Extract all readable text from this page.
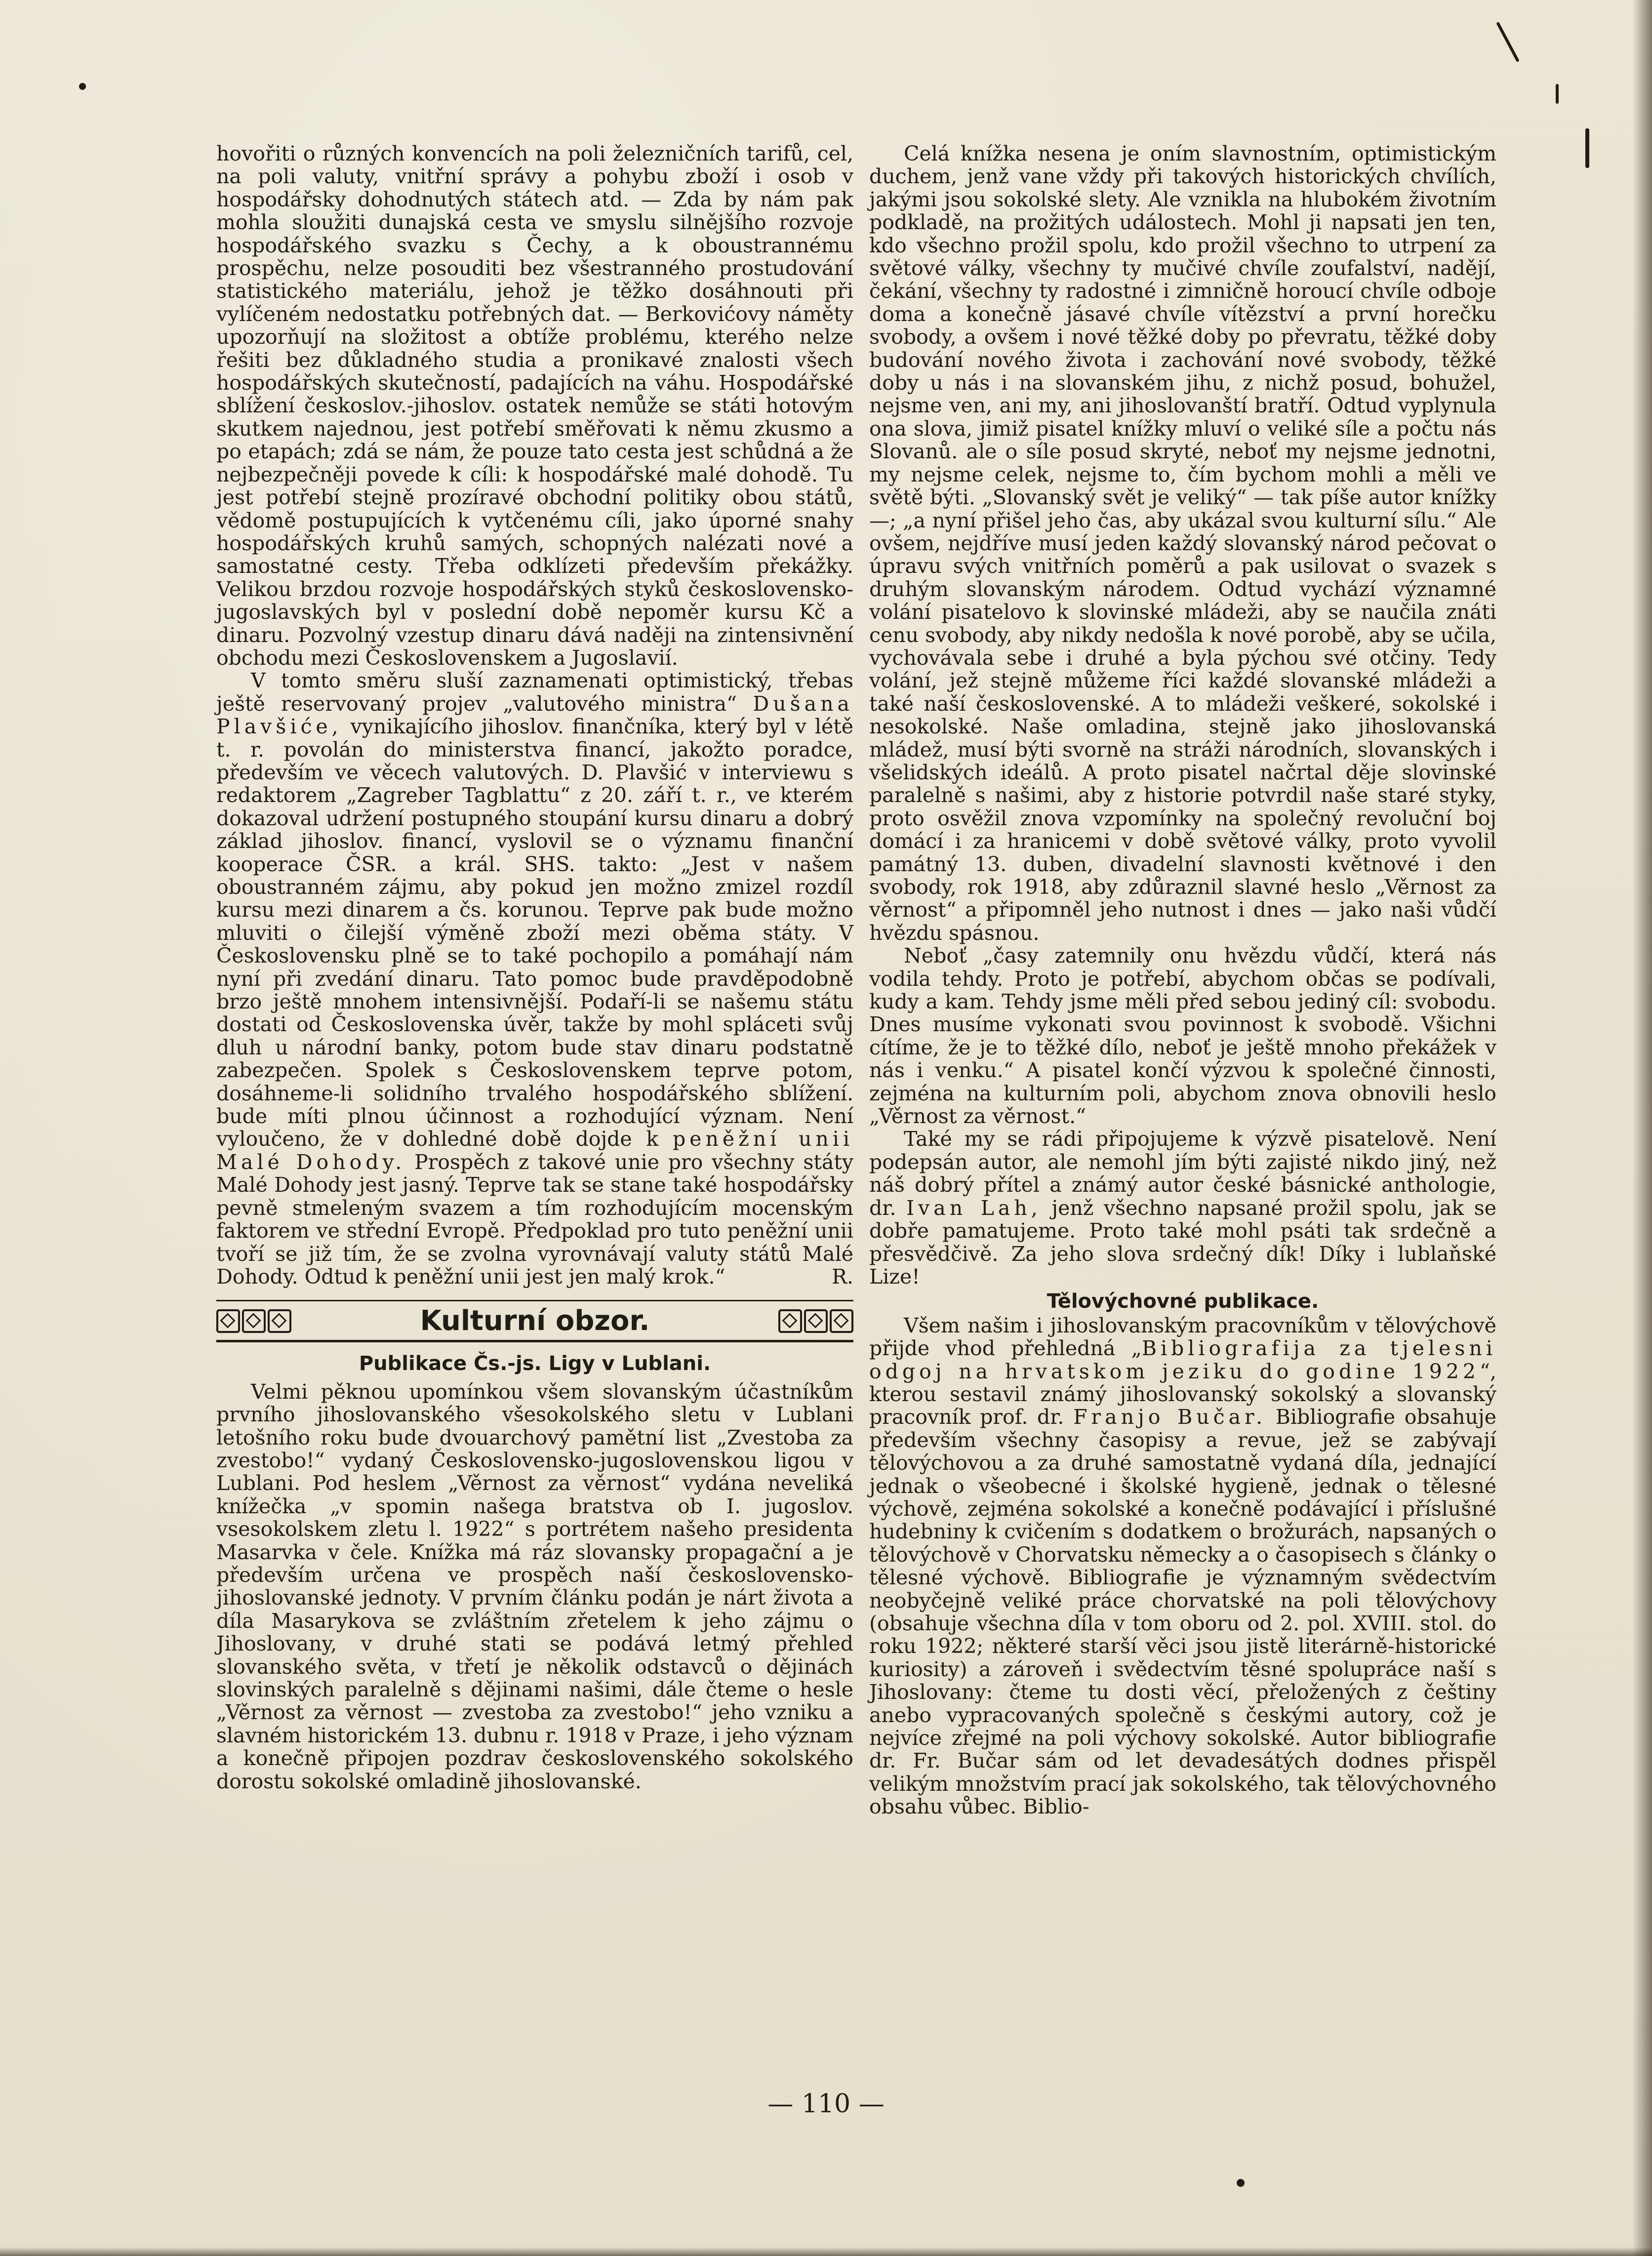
hovořiti o různých konvencích na poli železničních tarifů, cel, na poli valuty, vnitřní správy a pohybu zboží i osob v hospodářsky dohodnutých státech atd. — Zda by nám pak mohla sloužiti dunajská cesta ve smyslu silnějšího rozvoje hospodářského svazku s Čechy, a k oboustrannému prospěchu, nelze posouditi bez všestranného prostudování statistického materiálu, jehož je těžko dosáhnouti při vylíčeném nedostatku potřebných dat. — Berkovićovy náměty upozorňují na složitost a obtíže problému, kterého nelze řešiti bez důkladného studia a pronikavé znalosti všech hospodářských skutečností, padajících na váhu. Hospodářské sblížení českoslov.-jihoslov. ostatek nemůže se státi hotovým skutkem najednou, jest potřebí směřovati k němu zkusmo a po etapách; zdá se nám, že pouze tato cesta jest schůdná a že nejbezpečněji povede k cíli: k hospodářské malé dohodě. Tu jest potřebí stejně prozíravé obchodní politiky obou států, vědomě postupujících k vytčenému cíli, jako úporné snahy hospodářských kruhů samých, schopných nalézati nové a samostatné cesty. Třeba odklízeti především překážky. Velikou brzdou rozvoje hospodářských styků československo-jugoslavských byl v poslední době nepoměr kursu Kč a dinaru. Pozvolný vzestup dinaru dává naději na zintensivnění obchodu mezi Československem a Jugoslavií.

V tomto směru sluší zaznamenati optimistický, třebas ještě reservovaný projev „valutového ministra“ Dušana Plavšiće, vynikajícího jihoslov. finančníka, který byl v létě t. r. povolán do ministerstva financí, jakožto poradce, především ve věcech valutových. D. Plavšić v interviewu s redaktorem „Zagreber Tagblattu“ z 20. září t. r., ve kterém dokazoval udržení postupného stoupání kursu dinaru a dobrý základ jihoslov. financí, vyslovil se o významu finanční kooperace ČSR. a král. SHS. takto: „Jest v našem oboustranném zájmu, aby pokud jen možno zmizel rozdíl kursu mezi dinarem a čs. korunou. Teprve pak bude možno mluviti o čilejší výměně zboží mezi oběma státy. V Československu plně se to také pochopilo a pomáhají nám nyní při zvedání dinaru. Tato pomoc bude pravděpodobně brzo ještě mnohem intensivnější. Podaří-li se našemu státu dostati od Československa úvěr, takže by mohl spláceti svůj dluh u národní banky, potom bude stav dinaru podstatně zabezpečen. Spolek s Československem teprve potom, dosáhneme-li solidního trvalého hospodářského sblížení. bude míti plnou účinnost a rozhodující význam. Není vyloučeno, že v dohledné době dojde k peněžní unii Malé Dohody. Prospěch z takové unie pro všechny státy Malé Dohody jest jasný. Teprve tak se stane také hospodářsky pevně stmeleným svazem a tím rozhodujícím mocenským faktorem ve střední Evropě. Předpoklad pro tuto peněžní unii tvoří se již tím, že se zvolna vyrovnávají valuty států Malé Dohody. Odtud k peněžní unii jest jen malý krok.“	R.

Kulturní obzor.
Publikace Čs.-js. Ligy v Lublani.

Velmi pěknou upomínkou všem slovanským účastníkům prvního jihoslovanského všesokolského sletu v Lublani letošního roku bude dvouarchový pamětní list „Zvestoba za zvestobo!“ vydaný Československo-jugoslovenskou ligou v Lublani. Pod heslem „Věrnost za věrnost“ vydána neveliká knížečka „v spomin našega bratstva ob I. jugoslov. vsesokolskem zletu l. 1922“ s portrétem našeho presidenta Masarvka v čele. Knížka má ráz slovansky propagační a je především určena ve prospěch naší československo-jihoslovanské jednoty. V prvním článku podán je nárt života a díla Masarykova se zvláštním zřetelem k jeho zájmu o Jihoslovany, v druhé stati se podává letmý přehled slovanského světa, v třetí je několik odstavců o dějinách slovinských paralelně s dějinami našimi, dále čteme o hesle „Věrnost za věrnost — zvestoba za zvestobo!“ jeho vzniku a slavném historickém 13. dubnu r. 1918 v Praze, i jeho význam a konečně připojen pozdrav československého sokolského dorostu sokolské omladině jihoslovanské.

Celá knížka nesena je oním slavnostním, optimistickým duchem, jenž vane vždy při takových historických chvílích, jakými jsou sokolské slety. Ale vznikla na hlubokém životním podkladě, na prožitých událostech. Mohl ji napsati jen ten, kdo všechno prožil spolu, kdo prožil všechno to utrpení za světové války, všechny ty mučivé chvíle zoufalství, nadějí, čekání, všechny ty radostné i zimničně horoucí chvíle odboje doma a konečně jásavé chvíle vítězství a první horečku svobody, a ovšem i nové těžké doby po převratu, těžké doby budování nového života i zachování nové svobody, těžké doby u nás i na slovanském jihu, z nichž posud, bohužel, nejsme ven, ani my, ani jihoslovanští bratří. Odtud vyplynula ona slova, jimiž pisatel knížky mluví o veliké síle a počtu nás Slovanů. ale o síle posud skryté, neboť my nejsme jednotni, my nejsme celek, nejsme to, čím bychom mohli a měli ve světě býti. „Slovanský svět je veliký“ — tak píše autor knížky —; „a nyní přišel jeho čas, aby ukázal svou kulturní sílu.“ Ale ovšem, nejdříve musí jeden každý slovanský národ pečovat o úpravu svých vnitřních poměrů a pak usilovat o svazek s druhým slovanským národem. Odtud vychází významné volání pisatelovo k slovinské mládeži, aby se naučila znáti cenu svobody, aby nikdy nedošla k nové porobě, aby se učila, vychovávala sebe i druhé a byla pýchou své otčiny. Tedy volání, jež stejně můžeme říci každé slovanské mládeži a také naší československé. A to mládeži veškeré, sokolské i nesokolské. Naše omladina, stejně jako jihoslovanská mládež, musí býti svorně na stráži národních, slovanských i všelidských ideálů. A proto pisatel načrtal děje slovinské paralelně s našimi, aby z historie potvrdil naše staré styky, proto osvěžil znova vzpomínky na společný revoluční boj domácí i za hranicemi v době světové války, proto vyvolil památný 13. duben, divadelní slavnosti květnové i den svobody, rok 1918, aby zdůraznil slavné heslo „Věrnost za věrnost“ a připomněl jeho nutnost i dnes — jako naši vůdčí hvězdu spásnou.

Neboť „časy zatemnily onu hvězdu vůdčí, která nás vodila tehdy. Proto je potřebí, abychom občas se podívali, kudy a kam. Tehdy jsme měli před sebou jediný cíl: svobodu. Dnes musíme vykonati svou povinnost k svobodě. Všichni cítíme, že je to těžké dílo, neboť je ještě mnoho překážek v nás i venku.“ A pisatel končí výzvou k společné činnosti, zejména na kulturním poli, abychom znova obnovili heslo „Věrnost za věrnost.“

Také my se rádi připojujeme k výzvě pisatelově. Není podepsán autor, ale nemohl jím býti zajisté nikdo jiný, než náš dobrý přítel a známý autor české básnické anthologie, dr. Ivan Lah, jenž všechno napsané prožil spolu, jak se dobře pamatujeme. Proto také mohl psáti tak srdečně a přesvědčivě. Za jeho slova srdečný dík! Díky i lublaňské Lize!

Tělovýchovné publikace.

Všem našim i jihoslovanským pracovníkům v tělovýchově přijde vhod přehledná „Bibliografija za tjelesni odgoj na hrvatskom jeziku do godine 1922“, kterou sestavil známý jihoslovanský sokolský a slovanský pracovník prof. dr. Franjo Bučar. Bibliografie obsahuje především všechny časopisy a revue, jež se zabývají tělovýchovou a za druhé samostatně vydaná díla, jednající jednak o všeobecné i školské hygieně, jednak o tělesné výchově, zejména sokolské a konečně podávající i příslušné hudebniny k cvičením s dodatkem o brožurách, napsaných o tělovýchově v Chorvatsku německy a o časopisech s články o tělesné výchově. Bibliografie je významným svědectvím neobyčejně veliké práce chorvatské na poli tělovýchovy (obsahuje všechna díla v tom oboru od 2. pol. XVIII. stol. do roku 1922; některé starší věci jsou jistě literárně-historické kuriosity) a zároveň i svědectvím těsné spolupráce naší s Jihoslovany: čteme tu dosti věcí, přeložených z češtiny anebo vypracovaných společně s českými autory, což je nejvíce zřejmé na poli výchovy sokolské. Autor bibliografie dr. Fr. Bučar sám od let devadesátých dodnes přispěl velikým množstvím prací jak sokolského, tak tělovýchovného obsahu vůbec. Biblio-

— 110 —
